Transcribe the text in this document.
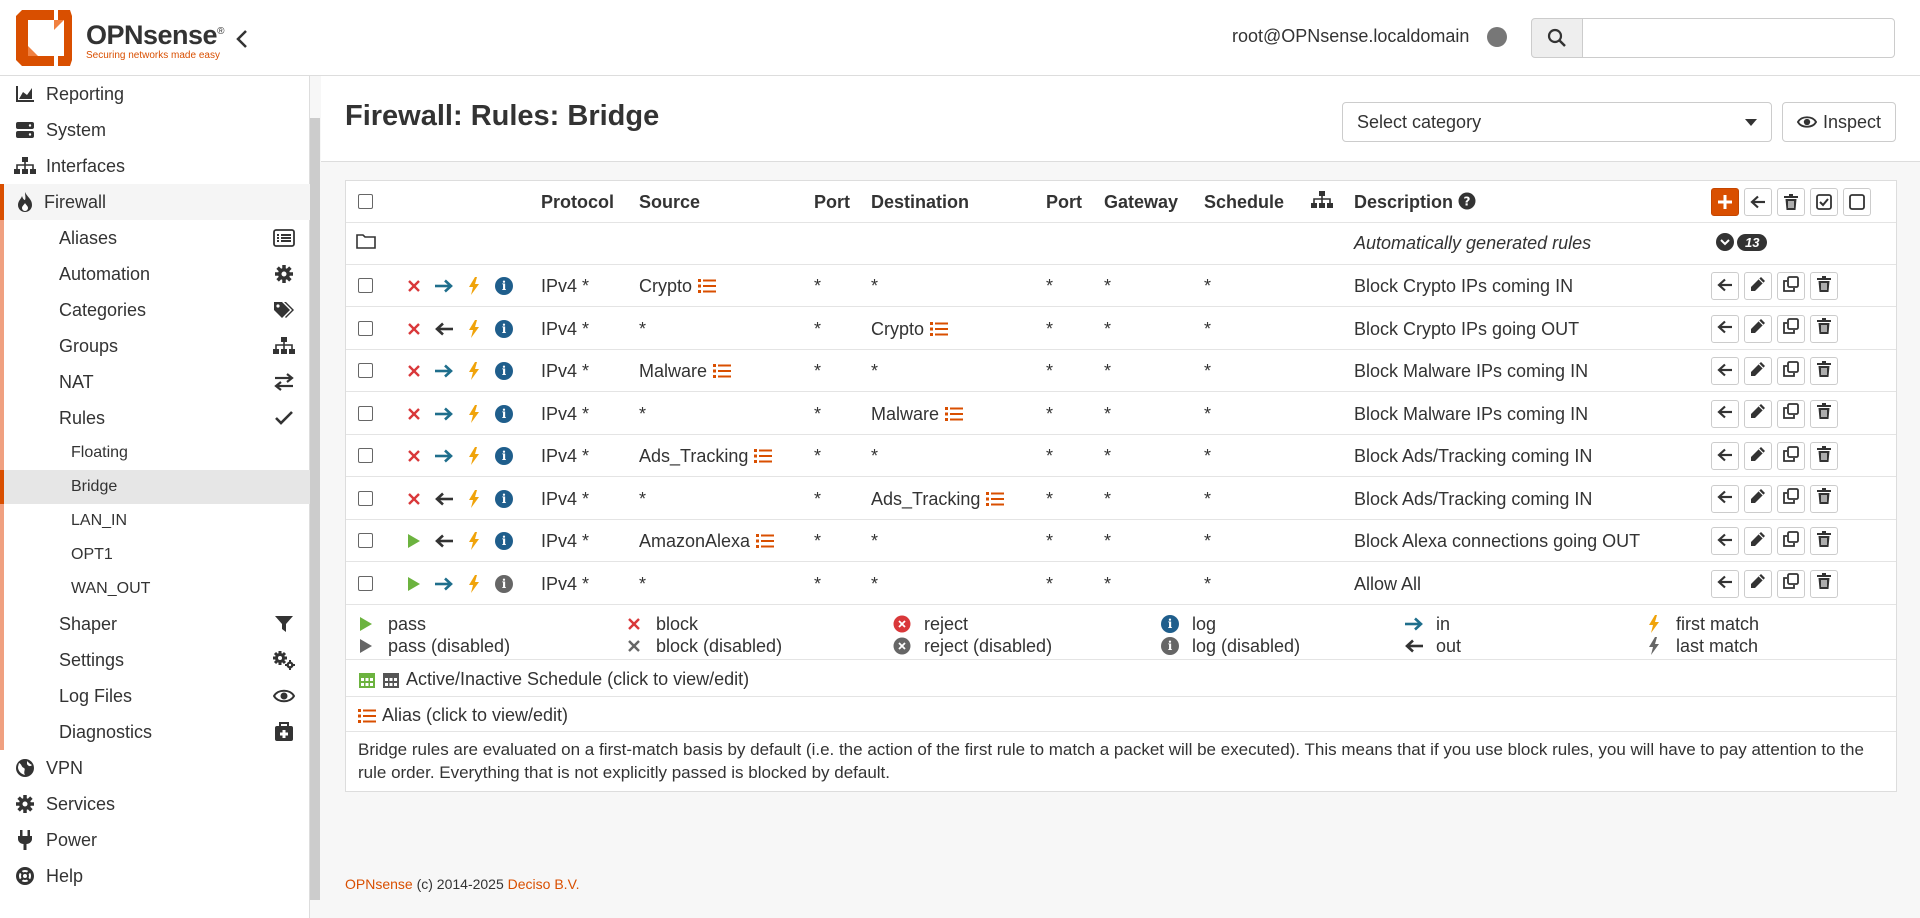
OPNsense®
Securing networks made easy
root@OPNsense.localdomain
Reporting
System
Interfaces
Firewall
Aliases
Automation
Categories
Groups
NAT
Rules
Floating
Bridge
LAN_IN
OPT1
WAN_OUT
Shaper
Settings
Log Files
Diagnostics
VPN
Services
Power
Help
Firewall: Rules: Bridge	Select category	Inspect
Protocol Source	Port Destination	Port Gateway Schedule	Description ?
Automatically generated rules	13
i	IPv4 *	Crypto	*	*	*	*	*	Block Crypto IPs coming IN
i	IPv4 *	*	*	Crypto	*	*	*	Block Crypto IPs going OUT
i	IPv4 *	Malware	*	*	*	*	*	Block Malware IPs coming IN
i	IPv4 *	*	*	Malware	*	*	*	Block Malware IPs coming IN
i	IPv4 *	Ads_Tracking	*	*	*	*	*	Block Ads/Tracking coming IN
i	IPv4 *	*	*	Ads_Tracking	*	*	*	Block Ads/Tracking coming IN
i	IPv4 *	AmazonAlexa	*	*	*	*	*	Block Alexa connections going OUT
i	IPv4 *	*	*	*	*	*	*	Allow All
pass
pass (disabled)
block
block (disabled)
reject
reject (disabled)
i	log
i	log (disabled)
in
out
first match
last match
Active/Inactive Schedule (click to view/edit)
Alias (click to view/edit)
Bridge rules are evaluated on a first-match basis by default (i.e. the action of the first rule to match a packet will be executed). This means that if you use block rules, you will have to pay attention to the rule order. Everything that is not explicitly passed is blocked by default.
OPNsense (c) 2014-2025 Deciso B.V.
